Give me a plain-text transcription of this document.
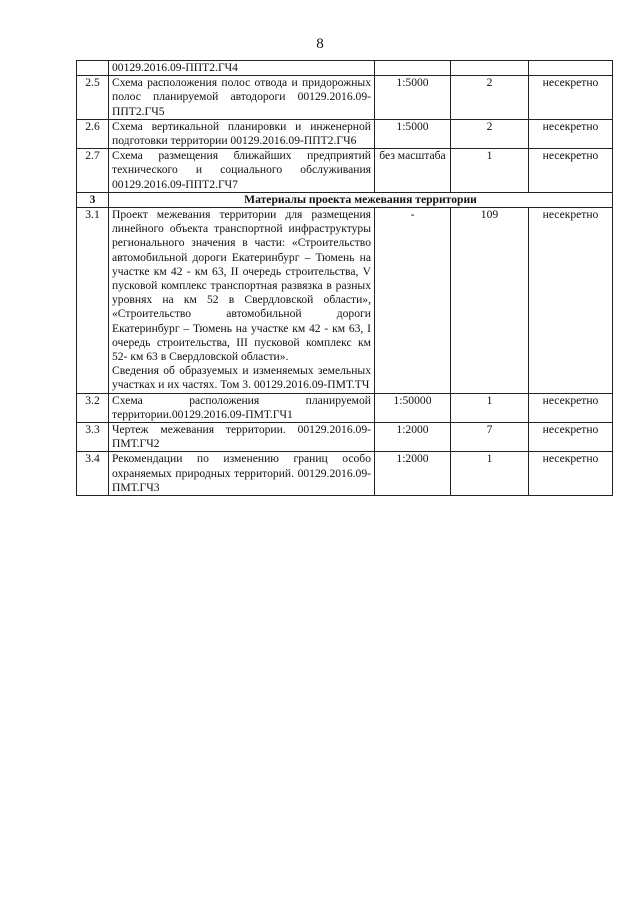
8
	00129.2016.09-ППТ2.ГЧ4			
2.5	Схема расположения полос отвода и придорожных полос планируемой автодороги 00129.2016.09-ППТ2.ГЧ5	1:5000	2	несекретно
2.6	Схема вертикальной планировки и инженерной подготовки территории 00129.2016.09-ППТ2.ГЧ6	1:5000	2	несекретно
2.7	Схема размещения ближайших предприятий технического и социального обслуживания 00129.2016.09-ППТ2.ГЧ7	без масштаба	1	несекретно
3	Материалы проекта межевания территории			
3.1	Проект межевания территории для размещения линейного объекта транспортной инфраструктуры регионального значения в части: «Строительство автомобильной дороги Екатеринбург – Тюмень на участке км 42 - км 63, II очередь строительства, V пусковой комплекс транспортная развязка в разных уровнях на км 52 в Свердловской области», «Строительство автомобильной дороги Екатеринбург – Тюмень на участке км 42 - км 63, I очередь строительства, III пусковой комплекс км 52- км 63 в Свердловской области».
Сведения об образуемых и изменяемых земельных участках и их частях. Том 3. 00129.2016.09-ПМТ.ТЧ	-	109	несекретно
3.2	Схема расположения планируемой территории.00129.2016.09-ПМТ.ГЧ1	1:50000	1	несекретно
3.3	Чертеж межевания территории. 00129.2016.09-ПМТ.ГЧ2	1:2000	7	несекретно
3.4	Рекомендации по изменению границ особо охраняемых природных территорий. 00129.2016.09-ПМТ.ГЧ3	1:2000	1	несекретно
